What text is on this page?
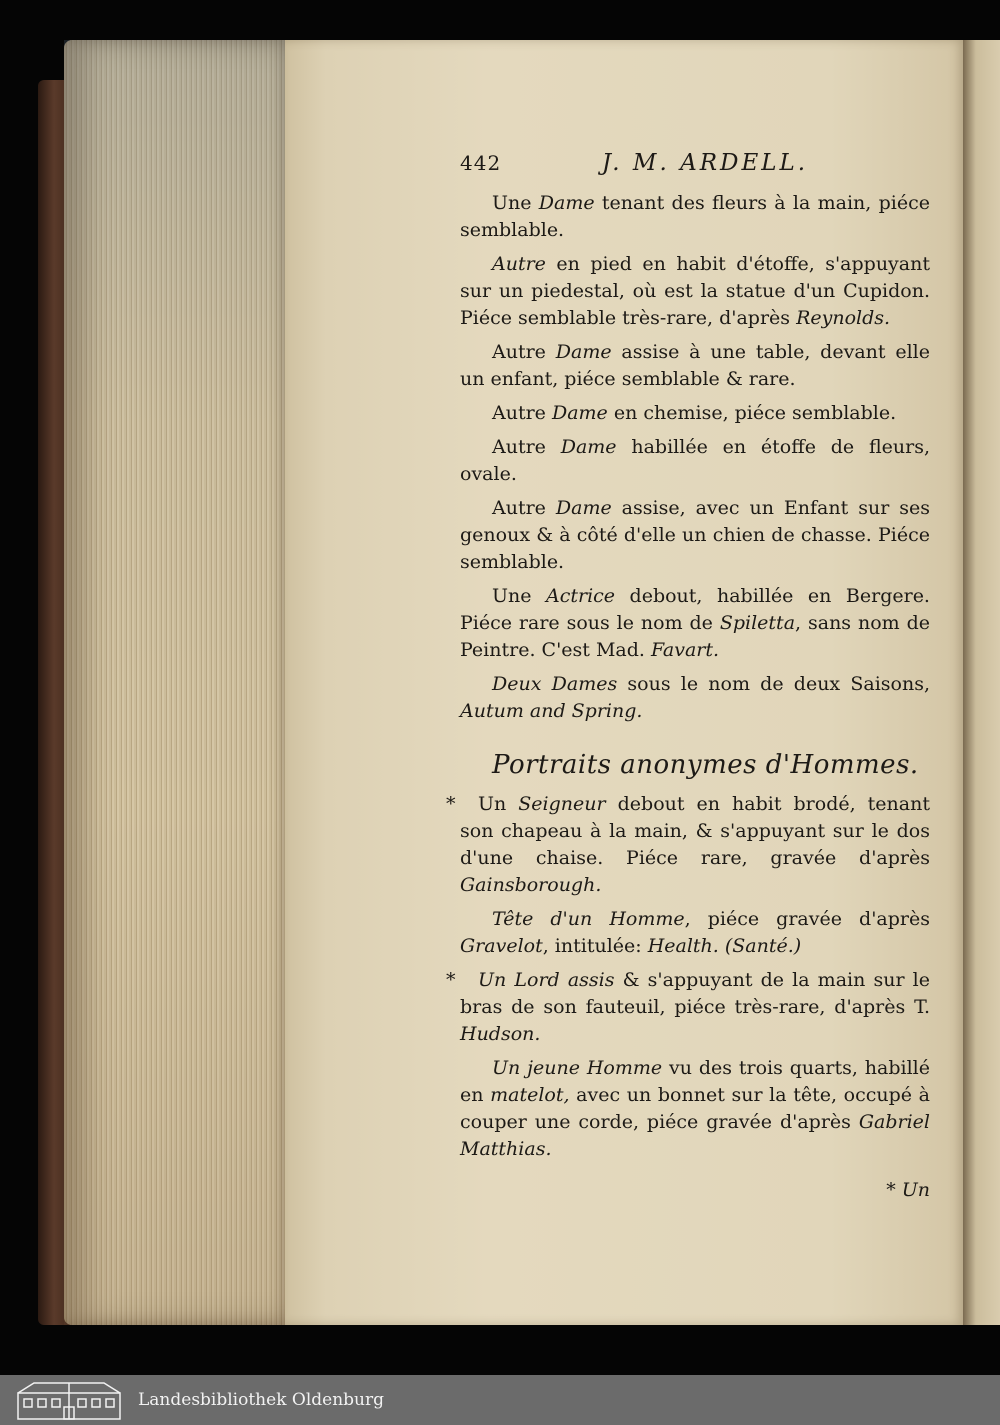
442	J. M. ARDELL.

Une Dame tenant des fleurs à la main, piéce semblable.

Autre en pied en habit d'étoffe, s'appuyant sur un piedestal, où est la statue d'un Cupidon. Piéce semblable très-rare, d'après Reynolds.

Autre Dame assise à une table, devant elle un enfant, piéce semblable & rare.

Autre Dame en chemise, piéce semblable.

Autre Dame habillée en étoffe de fleurs, ovale.

Autre Dame assise, avec un Enfant sur ses genoux & à côté d'elle un chien de chasse. Piéce semblable.

Une Actrice debout, habillée en Bergere. Piéce rare sous le nom de Spiletta, sans nom de Peintre. C'est Mad. Favart.

Deux Dames sous le nom de deux Saisons, Autum and Spring.

Portraits anonymes d'Hommes.

* Un Seigneur debout en habit brodé, tenant son chapeau à la main, & s'appuyant sur le dos d'une chaise. Piéce rare, gravée d'après Gainsborough.

Tête d'un Homme, piéce gravée d'après Gravelot, intitulée: Health. (Santé.)

* Un Lord assis & s'appuyant de la main sur le bras de son fauteuil, piéce très-rare, d'après T. Hudson.

Un jeune Homme vu des trois quarts, habillé en matelot, avec un bonnet sur la tête, occupé à couper une corde, piéce gravée d'après Gabriel Matthias.

* Un
Landesbibliothek Oldenburg
